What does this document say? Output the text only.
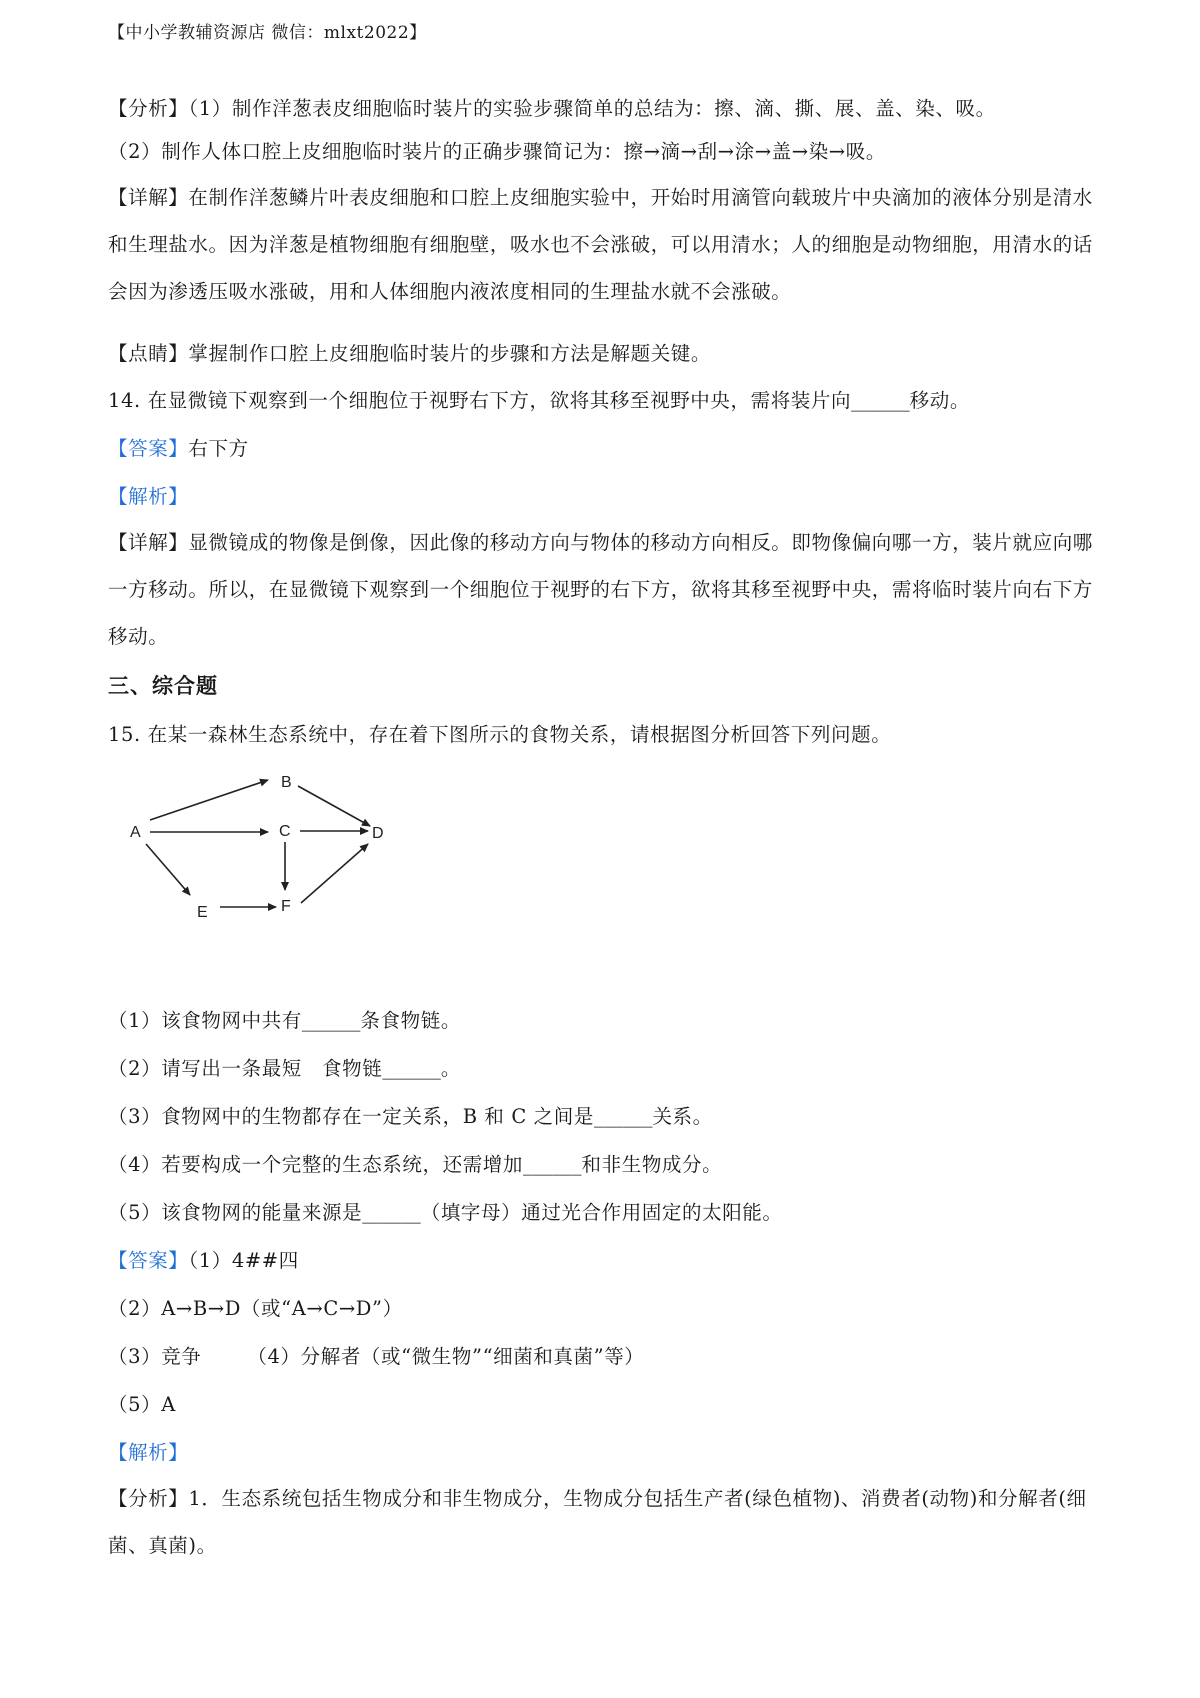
【中小学教辅资源店 微信：mlxt2022】
【分析】（1）制作洋葱表皮细胞临时装片的实验步骤简单的总结为：擦、滴、撕、展、盖、染、吸。
（2）制作人体口腔上皮细胞临时装片的正确步骤简记为：擦→滴→刮→涂→盖→染→吸。
【详解】在制作洋葱鳞片叶表皮细胞和口腔上皮细胞实验中，开始时用滴管向载玻片中央滴加的液体分别是清水和生理盐水。因为洋葱是植物细胞有细胞壁，吸水也不会涨破，可以用清水；人的细胞是动物细胞，用清水的话会因为渗透压吸水涨破，用和人体细胞内液浓度相同的生理盐水就不会涨破。
【点睛】掌握制作口腔上皮细胞临时装片的步骤和方法是解题关键。
14. 在显微镜下观察到一个细胞位于视野右下方，欲将其移至视野中央，需将装片向______移动。
【答案】右下方
【解析】
【详解】显微镜成的物像是倒像，因此像的移动方向与物体的移动方向相反。即物像偏向哪一方，装片就应向哪一方移动。所以，在显微镜下观察到一个细胞位于视野的右下方，欲将其移至视野中央，需将临时装片向右下方移动。
三、综合题
15. 在某一森林生态系统中，存在着下图所示的食物关系，请根据图分析回答下列问题。
A
B
C	D
E	F
（1）该食物网中共有______条食物链。
（2）请写出一条最短　食物链______。
（3）食物网中的生物都存在一定关系，B 和 C 之间是______关系。
（4）若要构成一个完整的生态系统，还需增加______和非生物成分。
（5）该食物网的能量来源是______（填字母）通过光合作用固定的太阳能。
【答案】（1）4##四
（2）A→B→D（或“A→C→D”）
（3）竞争 （4）分解者（或“微生物”“细菌和真菌”等）
（5）A
【解析】
【分析】1．生态系统包括生物成分和非生物成分，生物成分包括生产者(绿色植物)、消费者(动物)和分解者(细菌、真菌)。
